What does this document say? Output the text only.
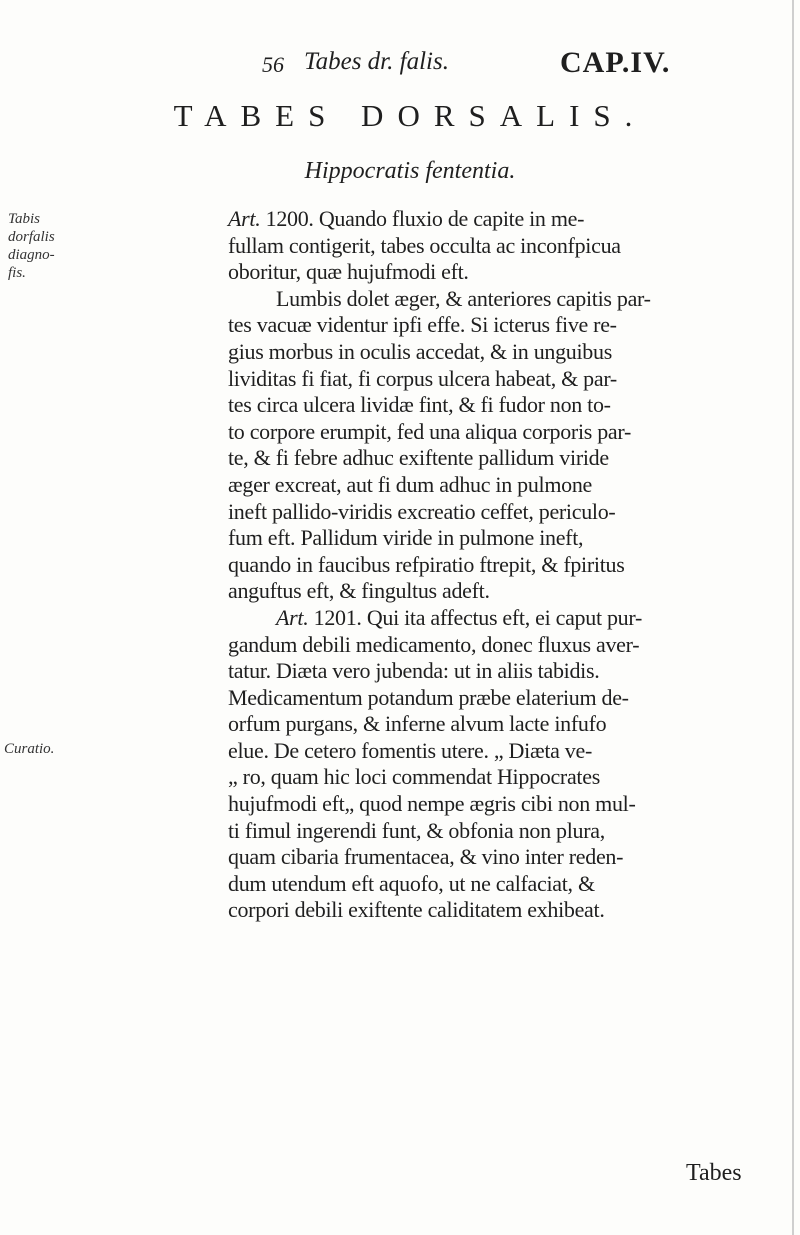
56 Tabes dr. falis.	CAP.IV.
TABES DORSALIS.
Hippocratis fententia.
Tabis
dorfalis
diagno-
fis.
Curatio.
Art. 1200. Quando fluxio de capite in me-
fullam contigerit, tabes occulta ac inconfpicua
oboritur, quæ hujufmodi eft.
Lumbis dolet æger, & anteriores capitis par-
tes vacuæ videntur ipfi effe. Si icterus five re-
gius morbus in oculis accedat, & in unguibus
lividitas fi fiat, fi corpus ulcera habeat, & par-
tes circa ulcera lividæ fint, & fi fudor non to-
to corpore erumpit, fed una aliqua corporis par-
te, & fi febre adhuc exiftente pallidum viride
æger excreat, aut fi dum adhuc in pulmone
ineft pallido-viridis excreatio ceffet, periculo-
fum eft. Pallidum viride in pulmone ineft,
quando in faucibus refpiratio ftrepit, & fpiritus
anguftus eft, & fingultus adeft.
Art. 1201. Qui ita affectus eft, ei caput pur-
gandum debili medicamento, donec fluxus aver-
tatur. Diæta vero jubenda: ut in aliis tabidis.
Medicamentum potandum præbe elaterium de-
orfum purgans, & inferne alvum lacte infufo
elue. De cetero fomentis utere. „ Diæta ve-
„ ro, quam hic loci commendat Hippocrates
hujufmodi eft„ quod nempe ægris cibi non mul-
ti fimul ingerendi funt, & obfonia non plura,
quam cibaria frumentacea, & vino inter reden-
dum utendum eft aquofo, ut ne calfaciat, &
corpori debili exiftente caliditatem exhibeat.
Tabes
